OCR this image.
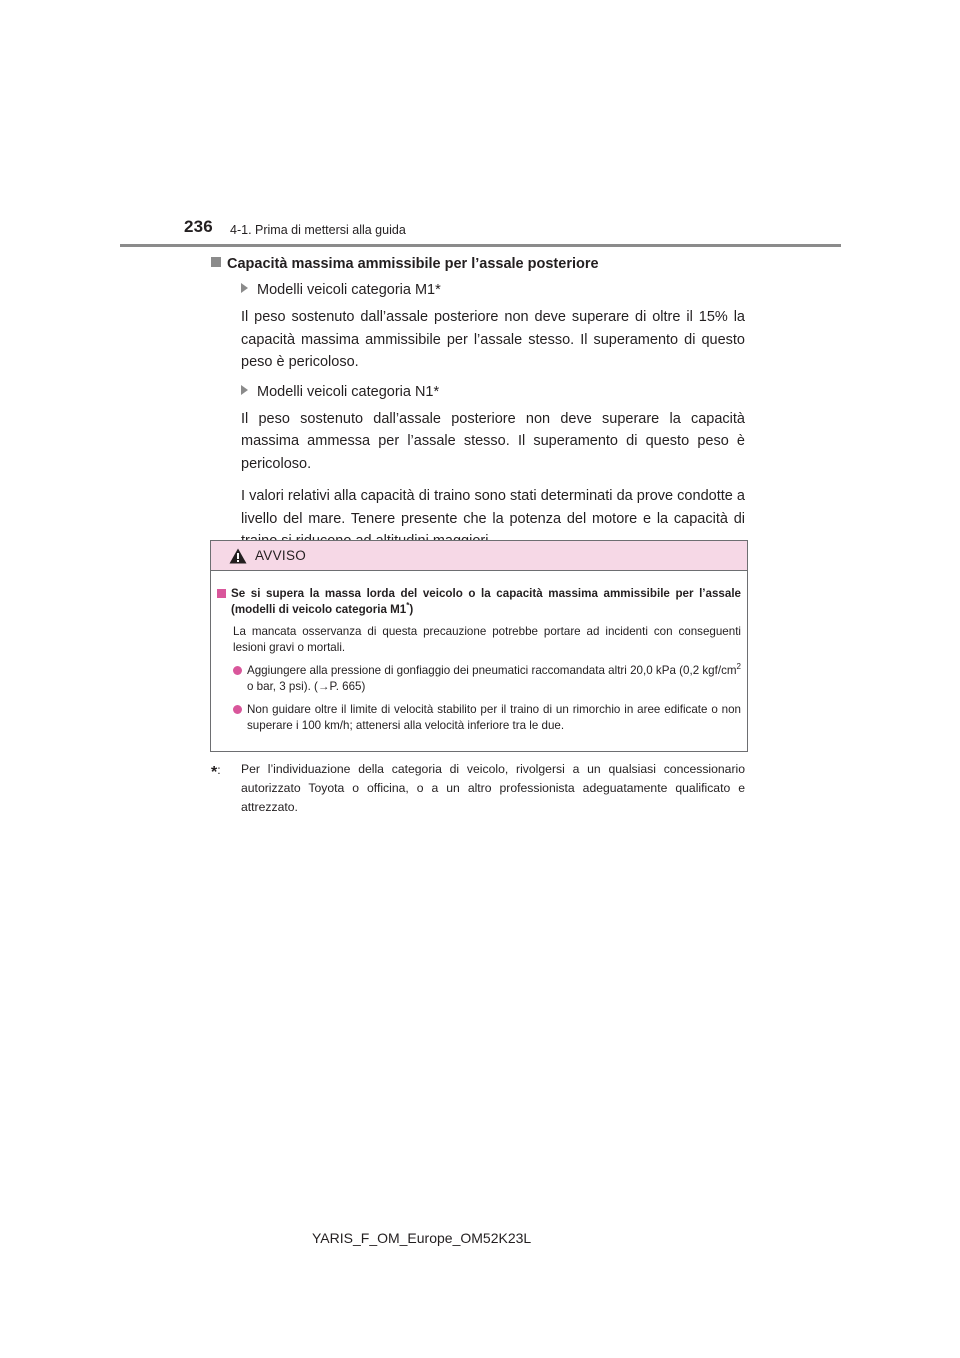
236 4-1. Prima di mettersi alla guida
Capacità massima ammissibile per l’assale posteriore
Modelli veicoli categoria M1*

Il peso sostenuto dall’assale posteriore non deve superare di oltre il 15% la capacità massima ammissibile per l’assale stesso. Il superamento di questo peso è pericoloso.

Modelli veicoli categoria N1*

Il peso sostenuto dall’assale posteriore non deve superare la capacità massima ammessa per l’assale stesso. Il superamento di questo peso è pericoloso.

I valori relativi alla capacità di traino sono stati determinati da prove condotte a livello del mare. Tenere presente che la potenza del motore e la capacità di

AVVISO
Se si supera la massa lorda del veicolo o la capacità massima ammissibile per l’assale (modelli di veicolo categoria M1*)
La mancata osservanza di questa precauzione potrebbe portare ad incidenti con conseguenti lesioni gravi o mortali.
Aggiungere alla pressione di gonfiaggio dei pneumatici raccomandata altri 20,0 kPa (0,2 kgf/$cm^2$ o bar, 3 psi). (→P. 665)
Non guidare oltre il limite di velocità stabilito per il traino di un rimorchio in aree edificate o non superare i 100 km/h; attenersi alla velocità inferiore tra le due.
*:	Per l’individuazione della categoria di veicolo, rivolgersi a un qualsiasi concessionario autorizzato Toyota o officina, o a un altro professionista adeguatamente qualificato e attrezzato.
YARIS_F_OM_Europe_OM52K23L
